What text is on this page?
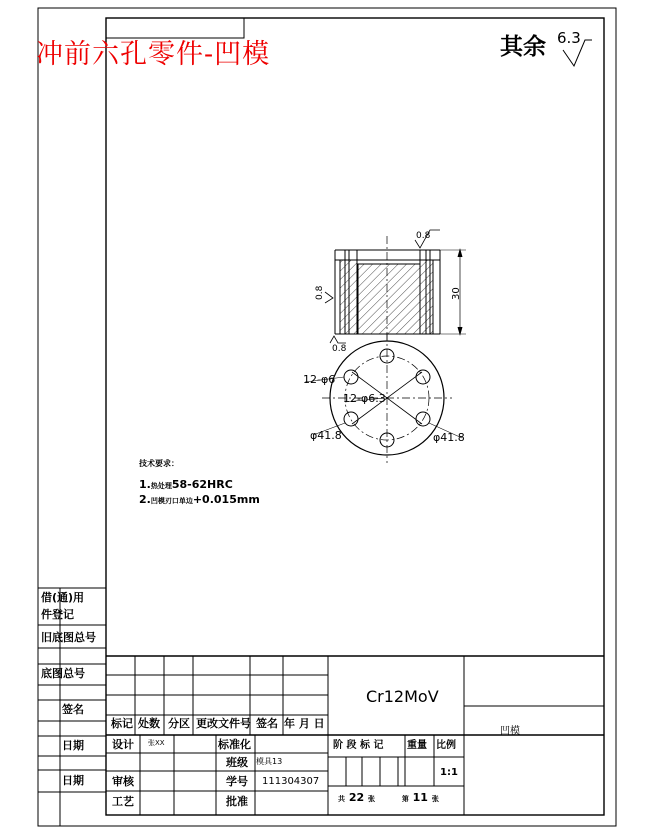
冲前六孔零件-凹模	其余 6.3
0.8
0.8
0.8
30
12-φ6
12-φ6.3
φ41.8	φ41.8
技术要求：
1.热处理58-62HRC
2.凹模刃口单边+0.015mm
借(通)用
件登记
旧底图总号
底图总号
签名
日期
日期
Cr12MoV
凹模
标记 处数 分区 更改文件号 签名 年 月 日
设计 张XX	标准化
班级 模具13
审核	学号 111304307
工艺	批准
阶 段 标 记 重量 比例
1:1
共 22 张	第 11 张
